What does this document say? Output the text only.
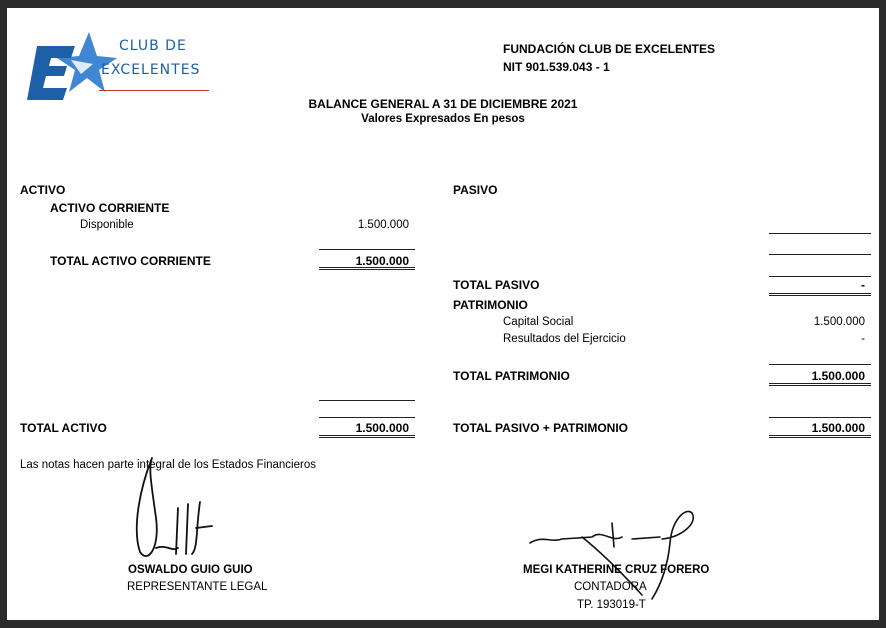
CLUB DE
EXCELENTES
FUNDACIÓN CLUB DE EXCELENTES
NIT 901.539.043 - 1
BALANCE GENERAL A 31 DE DICIEMBRE 2021
Valores Expresados En pesos
ACTIVO
ACTIVO CORRIENTE
Disponible	1.500.000
TOTAL ACTIVO CORRIENTE	1.500.000
TOTAL ACTIVO	1.500.000
PASIVO
TOTAL PASIVO	-
PATRIMONIO
Capital Social	1.500.000
Resultados del Ejercicio	-
TOTAL PATRIMONIO	1.500.000
TOTAL PASIVO + PATRIMONIO	1.500.000
Las notas hacen parte integral de los Estados Financieros
OSWALDO GUIO GUIO
REPRESENTANTE LEGAL
MEGI KATHERINE CRUZ FORERO
CONTADORA
TP. 193019-T
